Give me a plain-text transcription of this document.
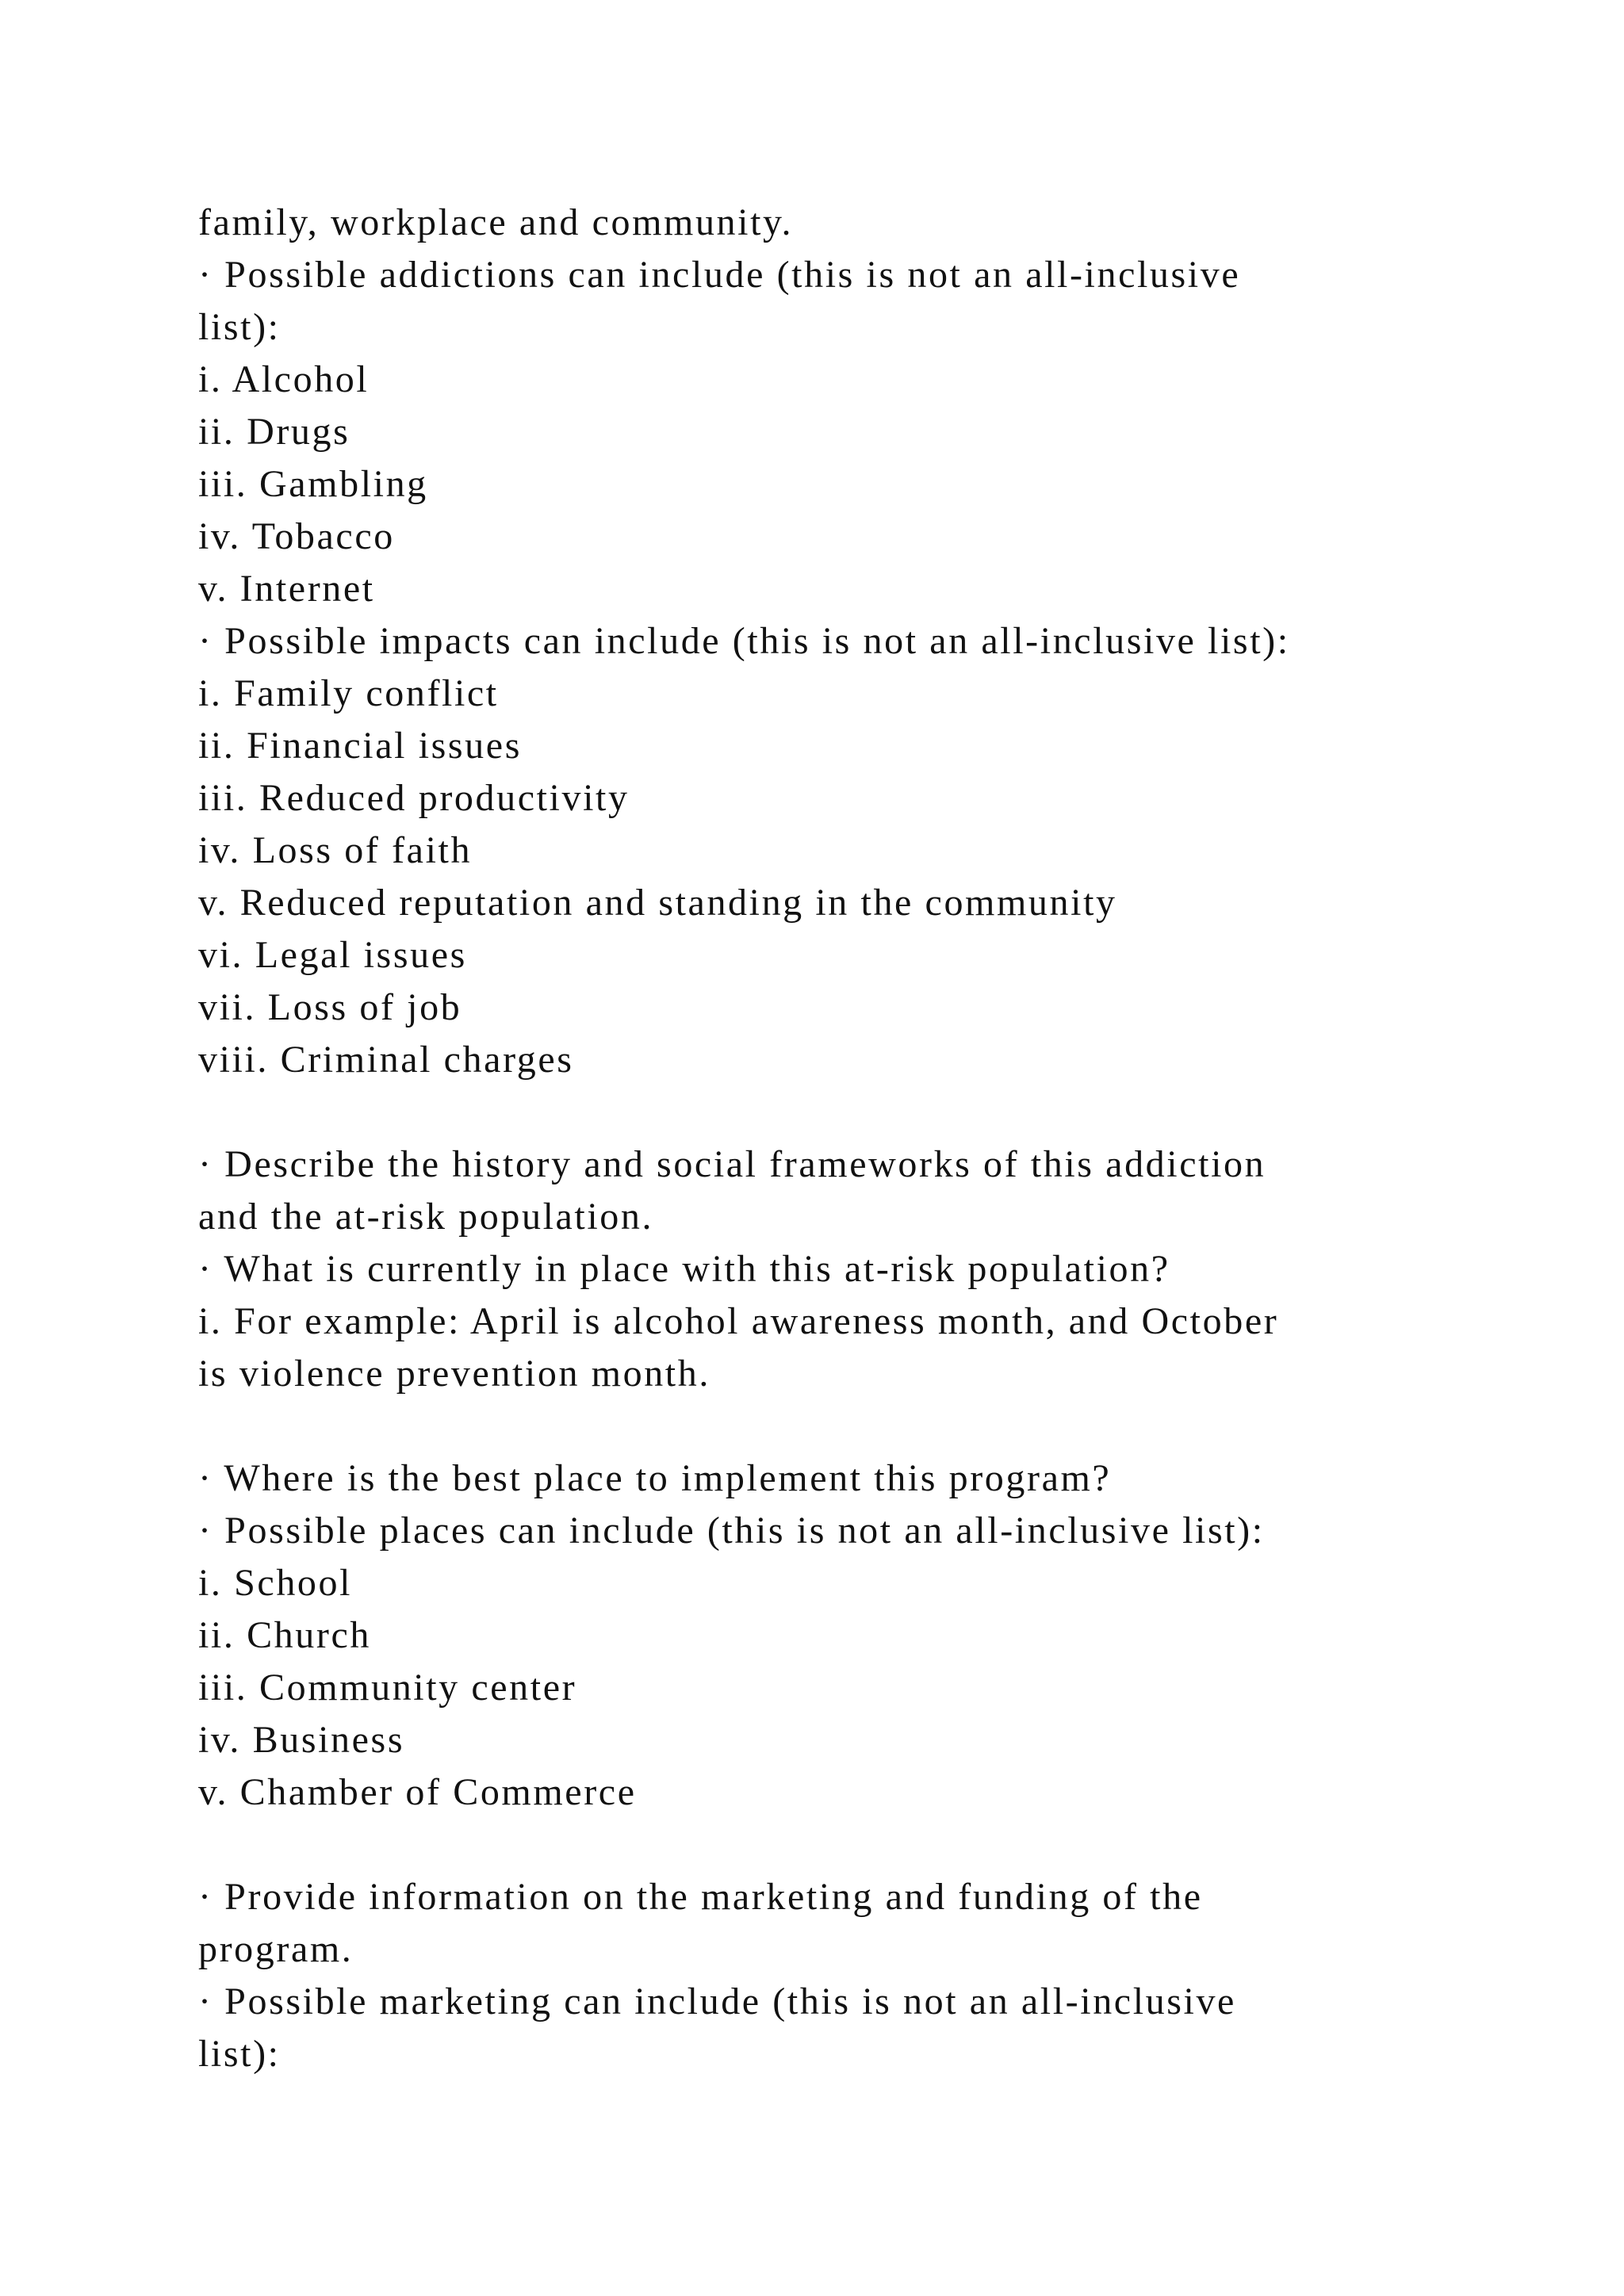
family, workplace and community.
· Possible addictions can include (this is not an all-inclusive
list):
i. Alcohol
ii. Drugs
iii. Gambling
iv. Tobacco
v. Internet
· Possible impacts can include (this is not an all-inclusive list):
i. Family conflict
ii. Financial issues
iii. Reduced productivity
iv. Loss of faith
v. Reduced reputation and standing in the community
vi. Legal issues
vii. Loss of job
viii. Criminal charges
· Describe the history and social frameworks of this addiction
and the at-risk population.
· What is currently in place with this at-risk population?
i. For example: April is alcohol awareness month, and October
is violence prevention month.
· Where is the best place to implement this program?
· Possible places can include (this is not an all-inclusive list):
i. School
ii. Church
iii. Community center
iv. Business
v. Chamber of Commerce
· Provide information on the marketing and funding of the
program.
· Possible marketing can include (this is not an all-inclusive
list):
